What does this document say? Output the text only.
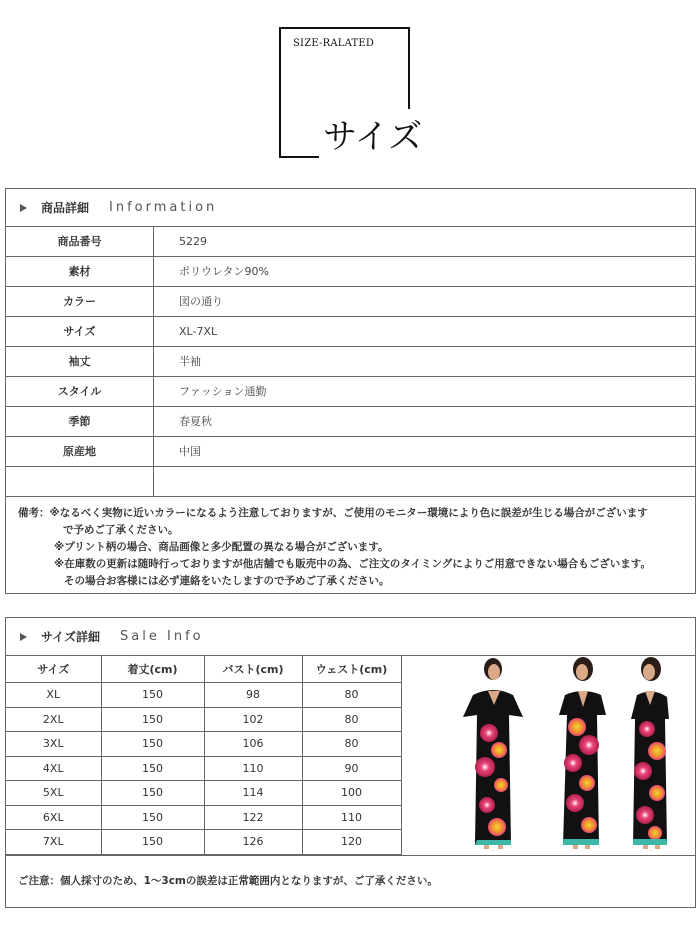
SIZE-RALATED
サイズ
商品詳細 Information
商品番号	5229
素材	ポリウレタン90%
カラー	図の通り
サイズ	XL-7XL
袖丈	半袖
スタイル	ファッション通勤
季節	春夏秋
原産地	中国
備考：※なるべく実物に近いカラーになるよう注意しておりますが、ご使用のモニター環境により色に誤差が生じる場合がございます
で予めご了承ください。
※プリント柄の場合、商品画像と多少配置の異なる場合がございます。
※在庫数の更新は随時行っておりますが他店舗でも販売中の為、ご注文のタイミングによりご用意できない場合もございます。
その場合お客様には必ず連絡をいたしますので予めご了承ください。
サイズ詳細 Sale Info
サイズ	着丈(cm)	バスト(cm)	ウェスト(cm)
XL	150	98	80
2XL	150	102	80
3XL	150	106	80
4XL	150	110	90
5XL	150	114	100
6XL	150	122	110
7XL	150	126	120
ご注意：個人採寸のため、1～3cmの誤差は正常範囲内となりますが、ご了承ください。
